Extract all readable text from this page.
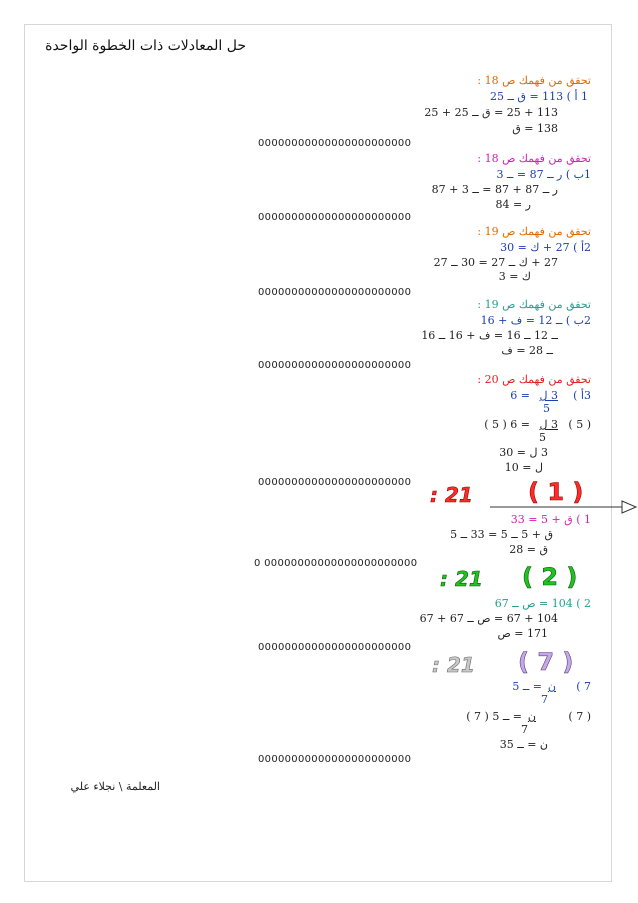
حل المعادلات ذات الخطوة الواحدة
تحقق من فهمك ص 18 :
1 أ ) 113 = ق ــ 25
113 + 25 = ق ــ 25 + 25
138 = ق
00000000000000000000000
تحقق من فهمك ص 18 :
1ب ) ر ــ 87 = ــ 3
ر ــ 87 + 87 = ــ 3 + 87
ر = 84
00000000000000000000000
تحقق من فهمك ص 19 :
2أ ) 27 + ك = 30
27 + ك ــ 27 = 30 ــ 27
ك = 3
00000000000000000000000
تحقق من فهمك ص 19 :
2ب ) ــ 12 = ف + 16
ــ 12 ــ 16 = ف + 16 ــ 16
ــ 28 = ف
00000000000000000000000
تحقق من فهمك ص 20 :
3أ )
3 ل
= 6
5
( 5 )
3 ل
= 6 ( 5 )
5
3 ل = 30
ل = 10
00000000000000000000000
: 21 ( 1 )
1 ) ق + 5 = 33
ق + 5 ــ 5 = 33 ــ 5
ق = 28
0 00000000000000000000000
: 21 ( 2 )
2 ) 104 = ص ــ 67
104 + 67 = ص ــ 67 + 67
171 = ص
00000000000000000000000
: 21 ( 7 )
7 )
ن
= ــ 5
7
( 7 )
ن
= ــ 5 ( 7 )
7
ن = ــ 35
00000000000000000000000
المعلمة \ نجلاء علي
